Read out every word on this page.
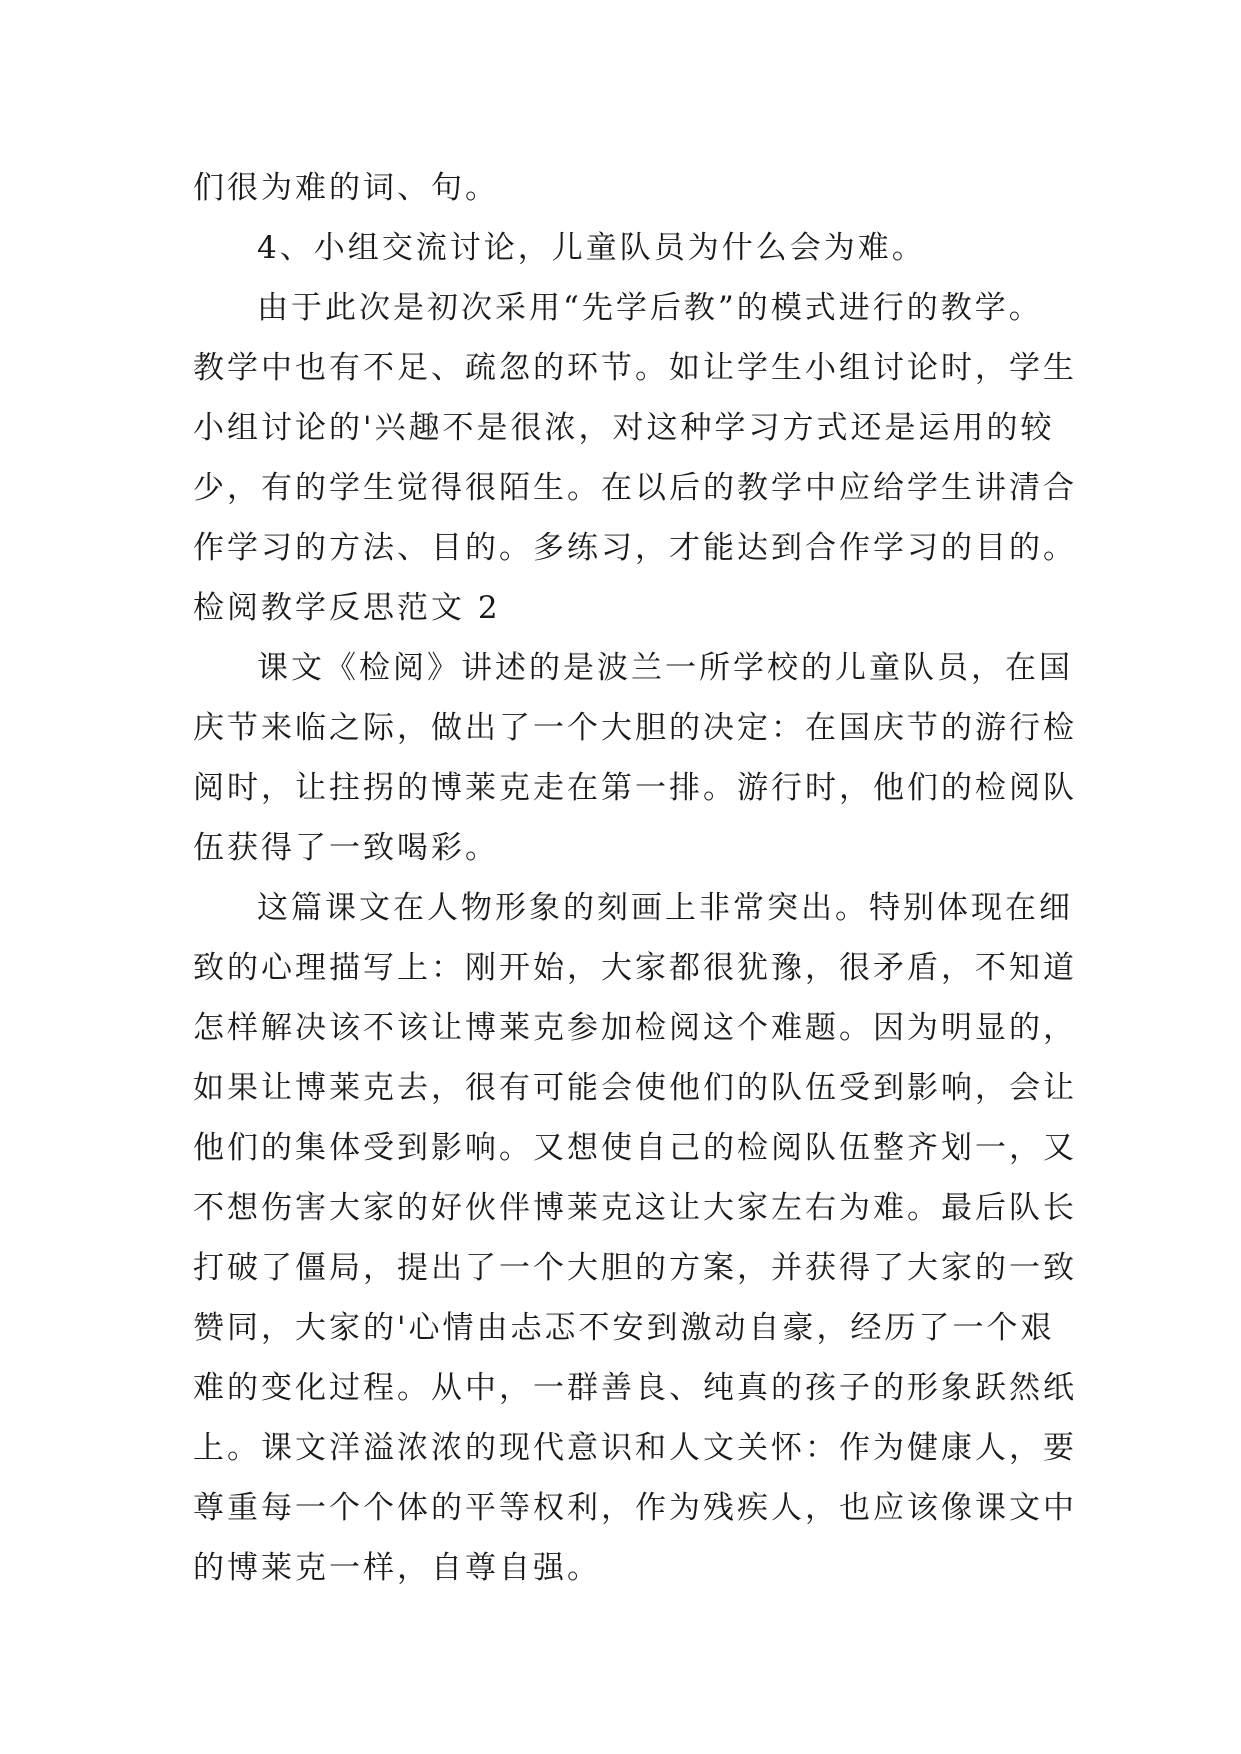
们很为难的词、句。

4、小组交流讨论，儿童队员为什么会为难。

由于此次是初次采用“先学后教”的模式进行的教学。

教学中也有不足、疏忽的环节。如让学生小组讨论时，学生

小组讨论的'兴趣不是很浓，对这种学习方式还是运用的较

少，有的学生觉得很陌生。在以后的教学中应给学生讲清合

作学习的方法、目的。多练习，才能达到合作学习的目的。

检阅教学反思范文 2

课文《检阅》讲述的是波兰一所学校的儿童队员，在国

庆节来临之际，做出了一个大胆的决定：在国庆节的游行检

阅时，让拄拐的博莱克走在第一排。游行时，他们的检阅队

伍获得了一致喝彩。

这篇课文在人物形象的刻画上非常突出。特别体现在细

致的心理描写上：刚开始，大家都很犹豫，很矛盾，不知道

怎样解决该不该让博莱克参加检阅这个难题。因为明显的，

如果让博莱克去，很有可能会使他们的队伍受到影响，会让

他们的集体受到影响。又想使自己的检阅队伍整齐划一，又

不想伤害大家的好伙伴博莱克这让大家左右为难。最后队长

打破了僵局，提出了一个大胆的方案，并获得了大家的一致

赞同，大家的'心情由忐忑不安到激动自豪，经历了一个艰

难的变化过程。从中，一群善良、纯真的孩子的形象跃然纸

上。课文洋溢浓浓的现代意识和人文关怀：作为健康人，要

尊重每一个个体的平等权利，作为残疾人，也应该像课文中

的博莱克一样，自尊自强。
